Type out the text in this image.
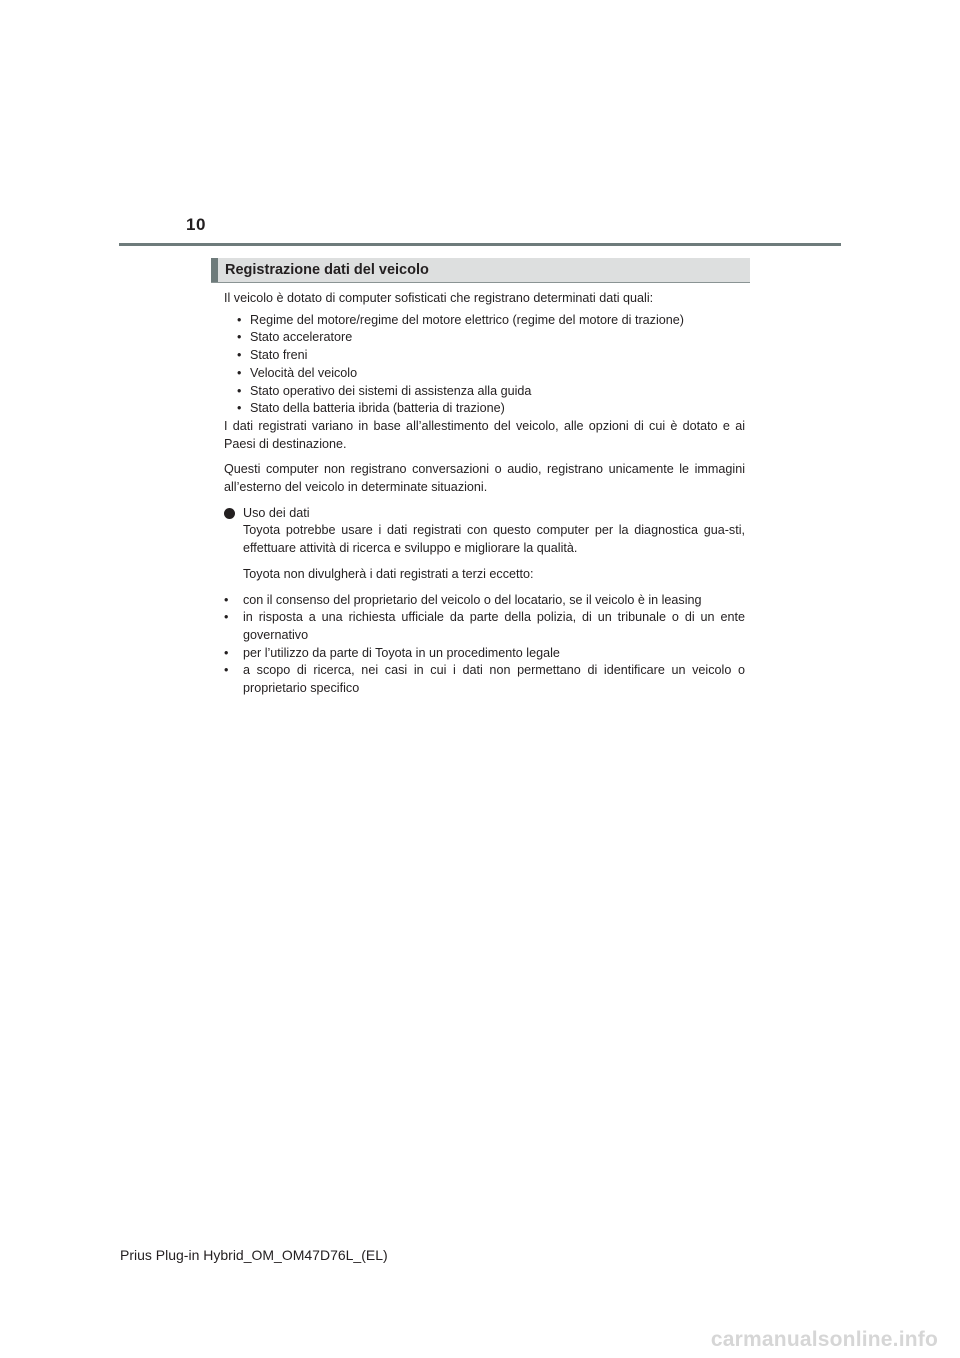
10
Registrazione dati del veicolo

Il veicolo è dotato di computer sofisticati che registrano determinati dati quali:

• Regime del motore/regime del motore elettrico (regime del motore di trazione)
• Stato acceleratore
• Stato freni
• Velocità del veicolo
• Stato operativo dei sistemi di assistenza alla guida
• Stato della batteria ibrida (batteria di trazione)

I dati registrati variano in base all’allestimento del veicolo, alle opzioni di cui è dotato e ai Paesi di destinazione.

Questi computer non registrano conversazioni o audio, registrano unicamente le immagini all’esterno del veicolo in determinate situazioni.

Uso dei dati

Toyota potrebbe usare i dati registrati con questo computer per la diagnostica gua-sti, effettuare attività di ricerca e sviluppo e migliorare la qualità.

Toyota non divulgherà i dati registrati a terzi eccetto:

• con il consenso del proprietario del veicolo o del locatario, se il veicolo è in leasing
• in risposta a una richiesta ufficiale da parte della polizia, di un tribunale o di un ente governativo
• per l’utilizzo da parte di Toyota in un procedimento legale
• a scopo di ricerca, nei casi in cui i dati non permettano di identificare un veicolo o proprietario specifico
Prius Plug-in Hybrid_OM_OM47D76L_(EL)
carmanualsonline.info
